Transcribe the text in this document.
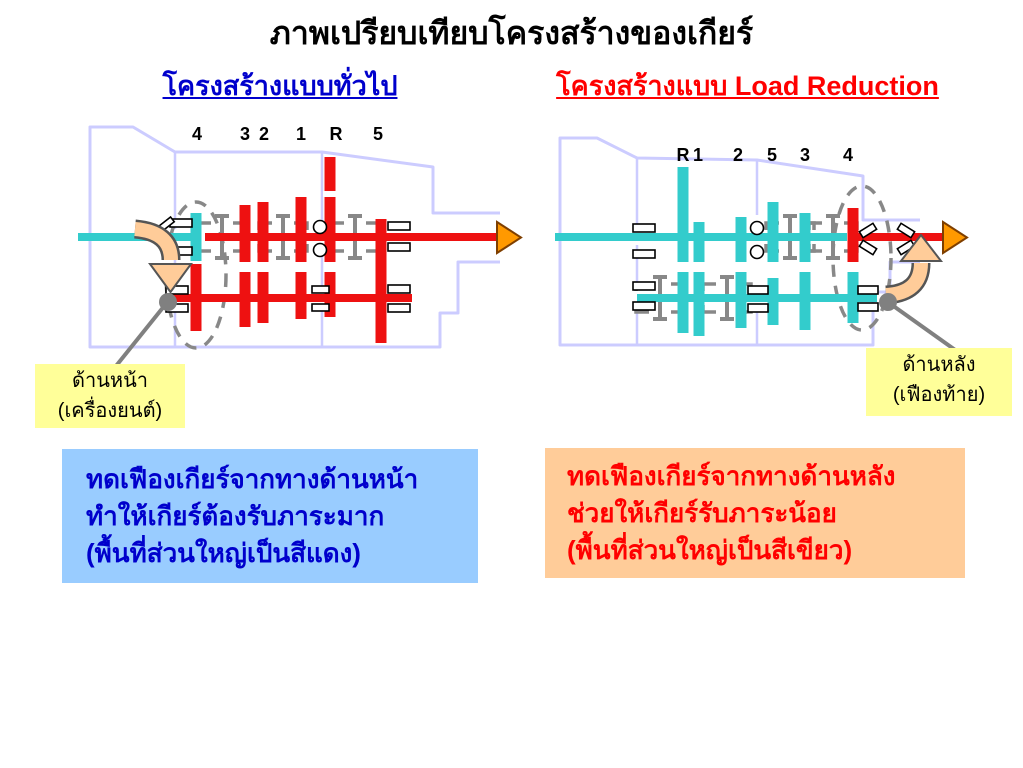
ภาพเปรียบเทียบโครงสร้างของเกียร์
โครงสร้างแบบทั่วไป	โครงสร้างแบบ Load Reduction
4 3 2 1 R 5
R 1 2 5 3 4
ด้านหน้า
(เครื่องยนต์)
ด้านหลัง
(เฟืองท้าย)
ทดเฟืองเกียร์จากทางด้านหน้า
ทำให้เกียร์ต้องรับภาระมาก
(พื้นที่ส่วนใหญ่เป็นสีแดง)
ทดเฟืองเกียร์จากทางด้านหลัง
ช่วยให้เกียร์รับภาระน้อย
(พื้นที่ส่วนใหญ่เป็นสีเขียว)
